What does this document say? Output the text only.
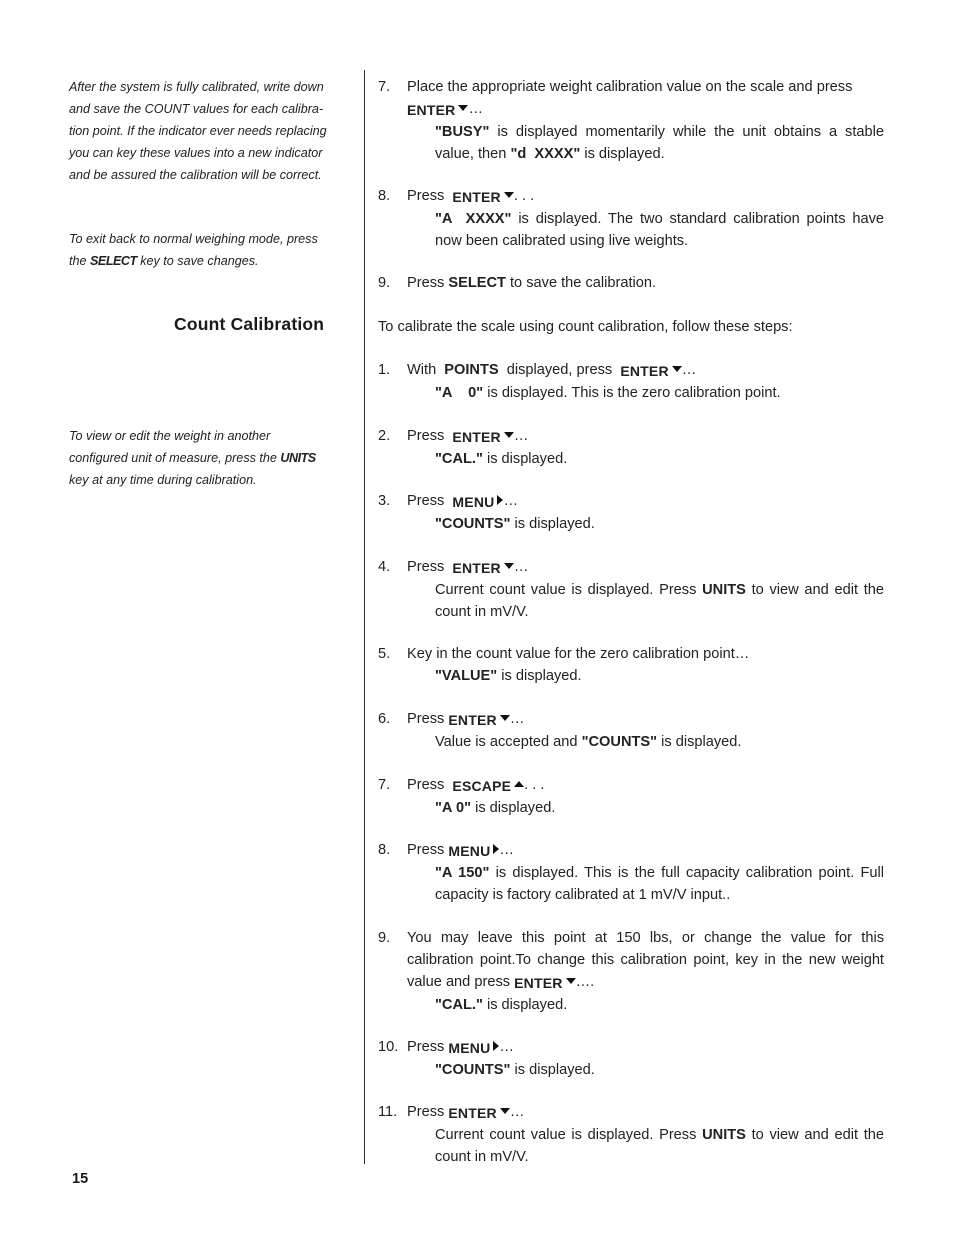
After the system is fully calibrated, write down and save the COUNT values for each calibra- tion point. If the indicator ever needs replacing you can key these values into a new indicator and be assured the calibration will be correct.
To exit back to normal weighing mode, press the SELECT key to save changes.
Count Calibration
To view or edit the weight in another configured unit of measure, press the UNITS key at any time during calibration.
7. Place the appropriate weight calibration value on the scale and press
ENTER …
"BUSY" is displayed momentarily while the unit obtains a stable value, then "d  XXXX" is displayed.
8. Press ENTER . . .
"A  XXXX" is displayed. The two standard calibration points have now been calibrated using live weights.
9. Press SELECT to save the calibration.
To calibrate the scale using count calibration, follow these steps:
1. With POINTS displayed, press ENTER …
"A    0" is displayed. This is the zero calibration point.
2. Press ENTER …
"CAL." is displayed.
3. Press MENU …
"COUNTS" is displayed.
4. Press ENTER …
Current count value is displayed. Press UNITS to view and edit the count in mV/V.
5. Key in the count value for the zero calibration point…
"VALUE" is displayed.
6. Press ENTER …
Value is accepted and "COUNTS" is displayed.
7. Press ESCAPE . . .
"A 0" is displayed.
8. Press MENU …
"A 150" is displayed. This is the full capacity calibration point. Full capacity is factory calibrated at 1 mV/V input..
9. You may leave this point at 150 lbs, or change the value for this calibration point.To change this calibration point, key in the new weight value and press ENTER ….
"CAL." is displayed.
10. Press MENU …
"COUNTS" is displayed.
11. Press ENTER …
Current count value is displayed. Press UNITS to view and edit the count in mV/V.
15
